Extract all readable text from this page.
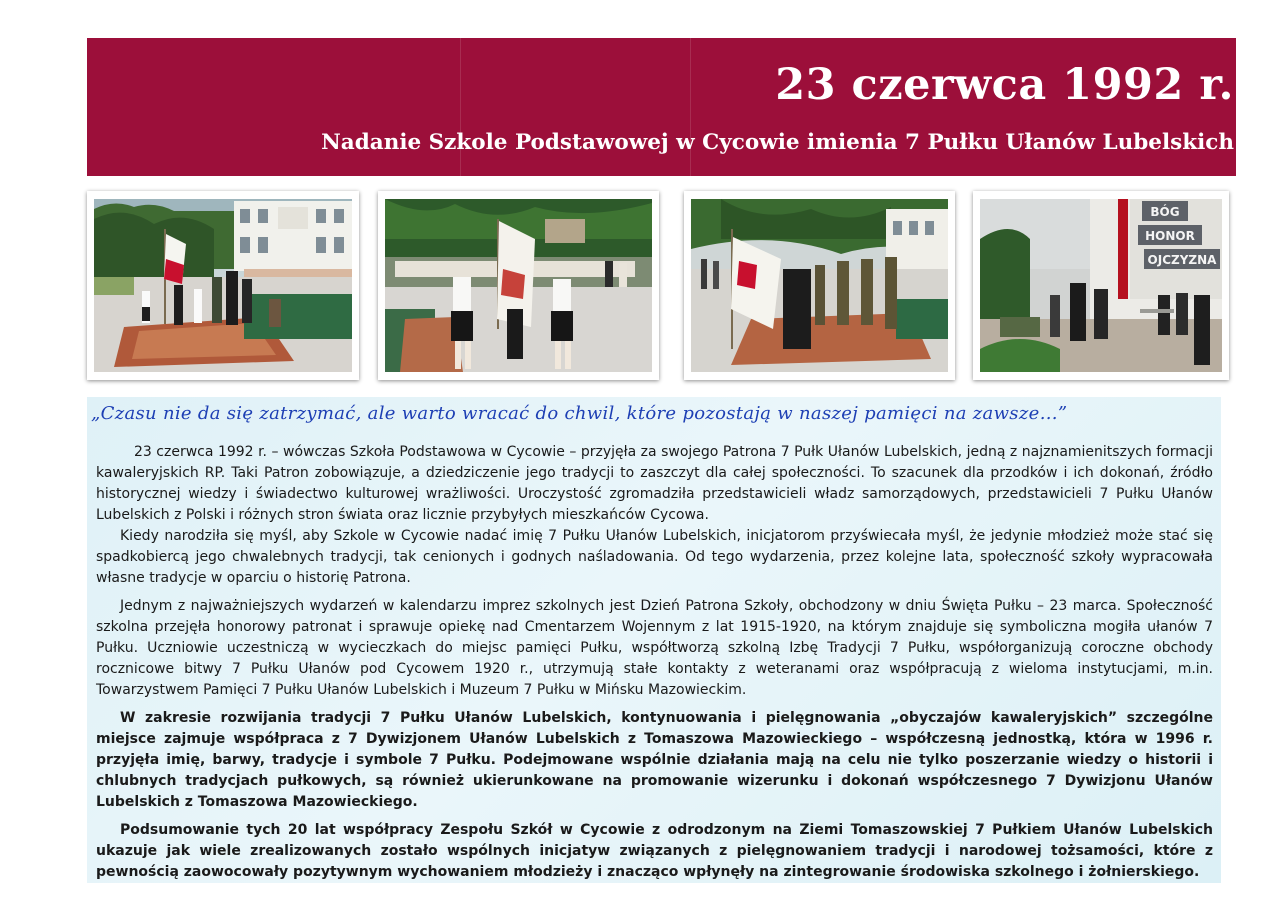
23 czerwca 1992 r.
Nadanie Szkole Podstawowej w Cycowie imienia 7 Pułku Ułanów Lubelskich
BÓG
HONOR
OJCZYZNA
„Czasu nie da się zatrzymać, ale warto wracać do chwil, które pozostają w naszej pamięci na zawsze…”

23 czerwca 1992 r. – wówczas Szkoła Podstawowa w Cycowie – przyjęła za swojego Patrona 7 Pułk Ułanów Lubelskich, jedną z najznamienitszych formacji kawaleryjskich RP. Taki Patron zobowiązuje, a dziedziczenie jego tradycji to zaszczyt dla całej społeczności. To szacunek dla przodków i ich dokonań, źródło historycznej wiedzy i świadectwo kulturowej wrażliwości. Uroczystość zgromadziła przedstawicieli władz samorządowych, przedstawicieli 7 Pułku Ułanów Lubelskich z Polski i różnych stron świata oraz licznie przybyłych mieszkańców Cycowa.

Kiedy narodziła się myśl, aby Szkole w Cycowie nadać imię 7 Pułku Ułanów Lubelskich, inicjatorom przyświecała myśl, że jedynie młodzież może stać się spadkobiercą jego chwalebnych tradycji, tak cenionych i godnych naśladowania. Od tego wydarzenia, przez kolejne lata, społeczność szkoły wypracowała własne tradycje w oparciu o historię Patrona.

Jednym z najważniejszych wydarzeń w kalendarzu imprez szkolnych jest Dzień Patrona Szkoły, obchodzony w dniu Święta Pułku – 23 marca. Społeczność szkolna przejęła honorowy patronat i sprawuje opiekę nad Cmentarzem Wojennym z lat 1915-1920, na którym znajduje się symboliczna mogiła ułanów 7 Pułku. Uczniowie uczestniczą w wycieczkach do miejsc pamięci Pułku, współtworzą szkolną Izbę Tradycji 7 Pułku, współorganizują coroczne obchody rocznicowe bitwy 7 Pułku Ułanów pod Cycowem 1920 r., utrzymują stałe kontakty z weteranami oraz współpracują z wieloma instytucjami, m.in. Towarzystwem Pamięci 7 Pułku Ułanów Lubelskich i Muzeum 7 Pułku w Mińsku Mazowieckim.

W zakresie rozwijania tradycji 7 Pułku Ułanów Lubelskich, kontynuowania i pielęgnowania „obyczajów kawaleryjskich” szczególne miejsce zajmuje współpraca z 7 Dywizjonem Ułanów Lubelskich z Tomaszowa Mazowieckiego – współczesną jednostką, która w 1996 r. przyjęła imię, barwy, tradycje i symbole 7 Pułku. Podejmowane wspólnie działania mają na celu nie tylko poszerzanie wiedzy o historii i chlubnych tradycjach pułkowych, są również ukierunkowane na promowanie wizerunku i dokonań współczesnego 7 Dywizjonu Ułanów Lubelskich z Tomaszowa Mazowieckiego.

Podsumowanie tych 20 lat współpracy Zespołu Szkół w Cycowie z odrodzonym na Ziemi Tomaszowskiej 7 Pułkiem Ułanów Lubelskich ukazuje jak wiele zrealizowanych zostało wspólnych inicjatyw związanych z pielęgnowaniem tradycji i narodowej tożsamości, które z pewnością zaowocowały pozytywnym wychowaniem młodzieży i znacząco wpłynęły na zintegrowanie środowiska szkolnego i żołnierskiego.
